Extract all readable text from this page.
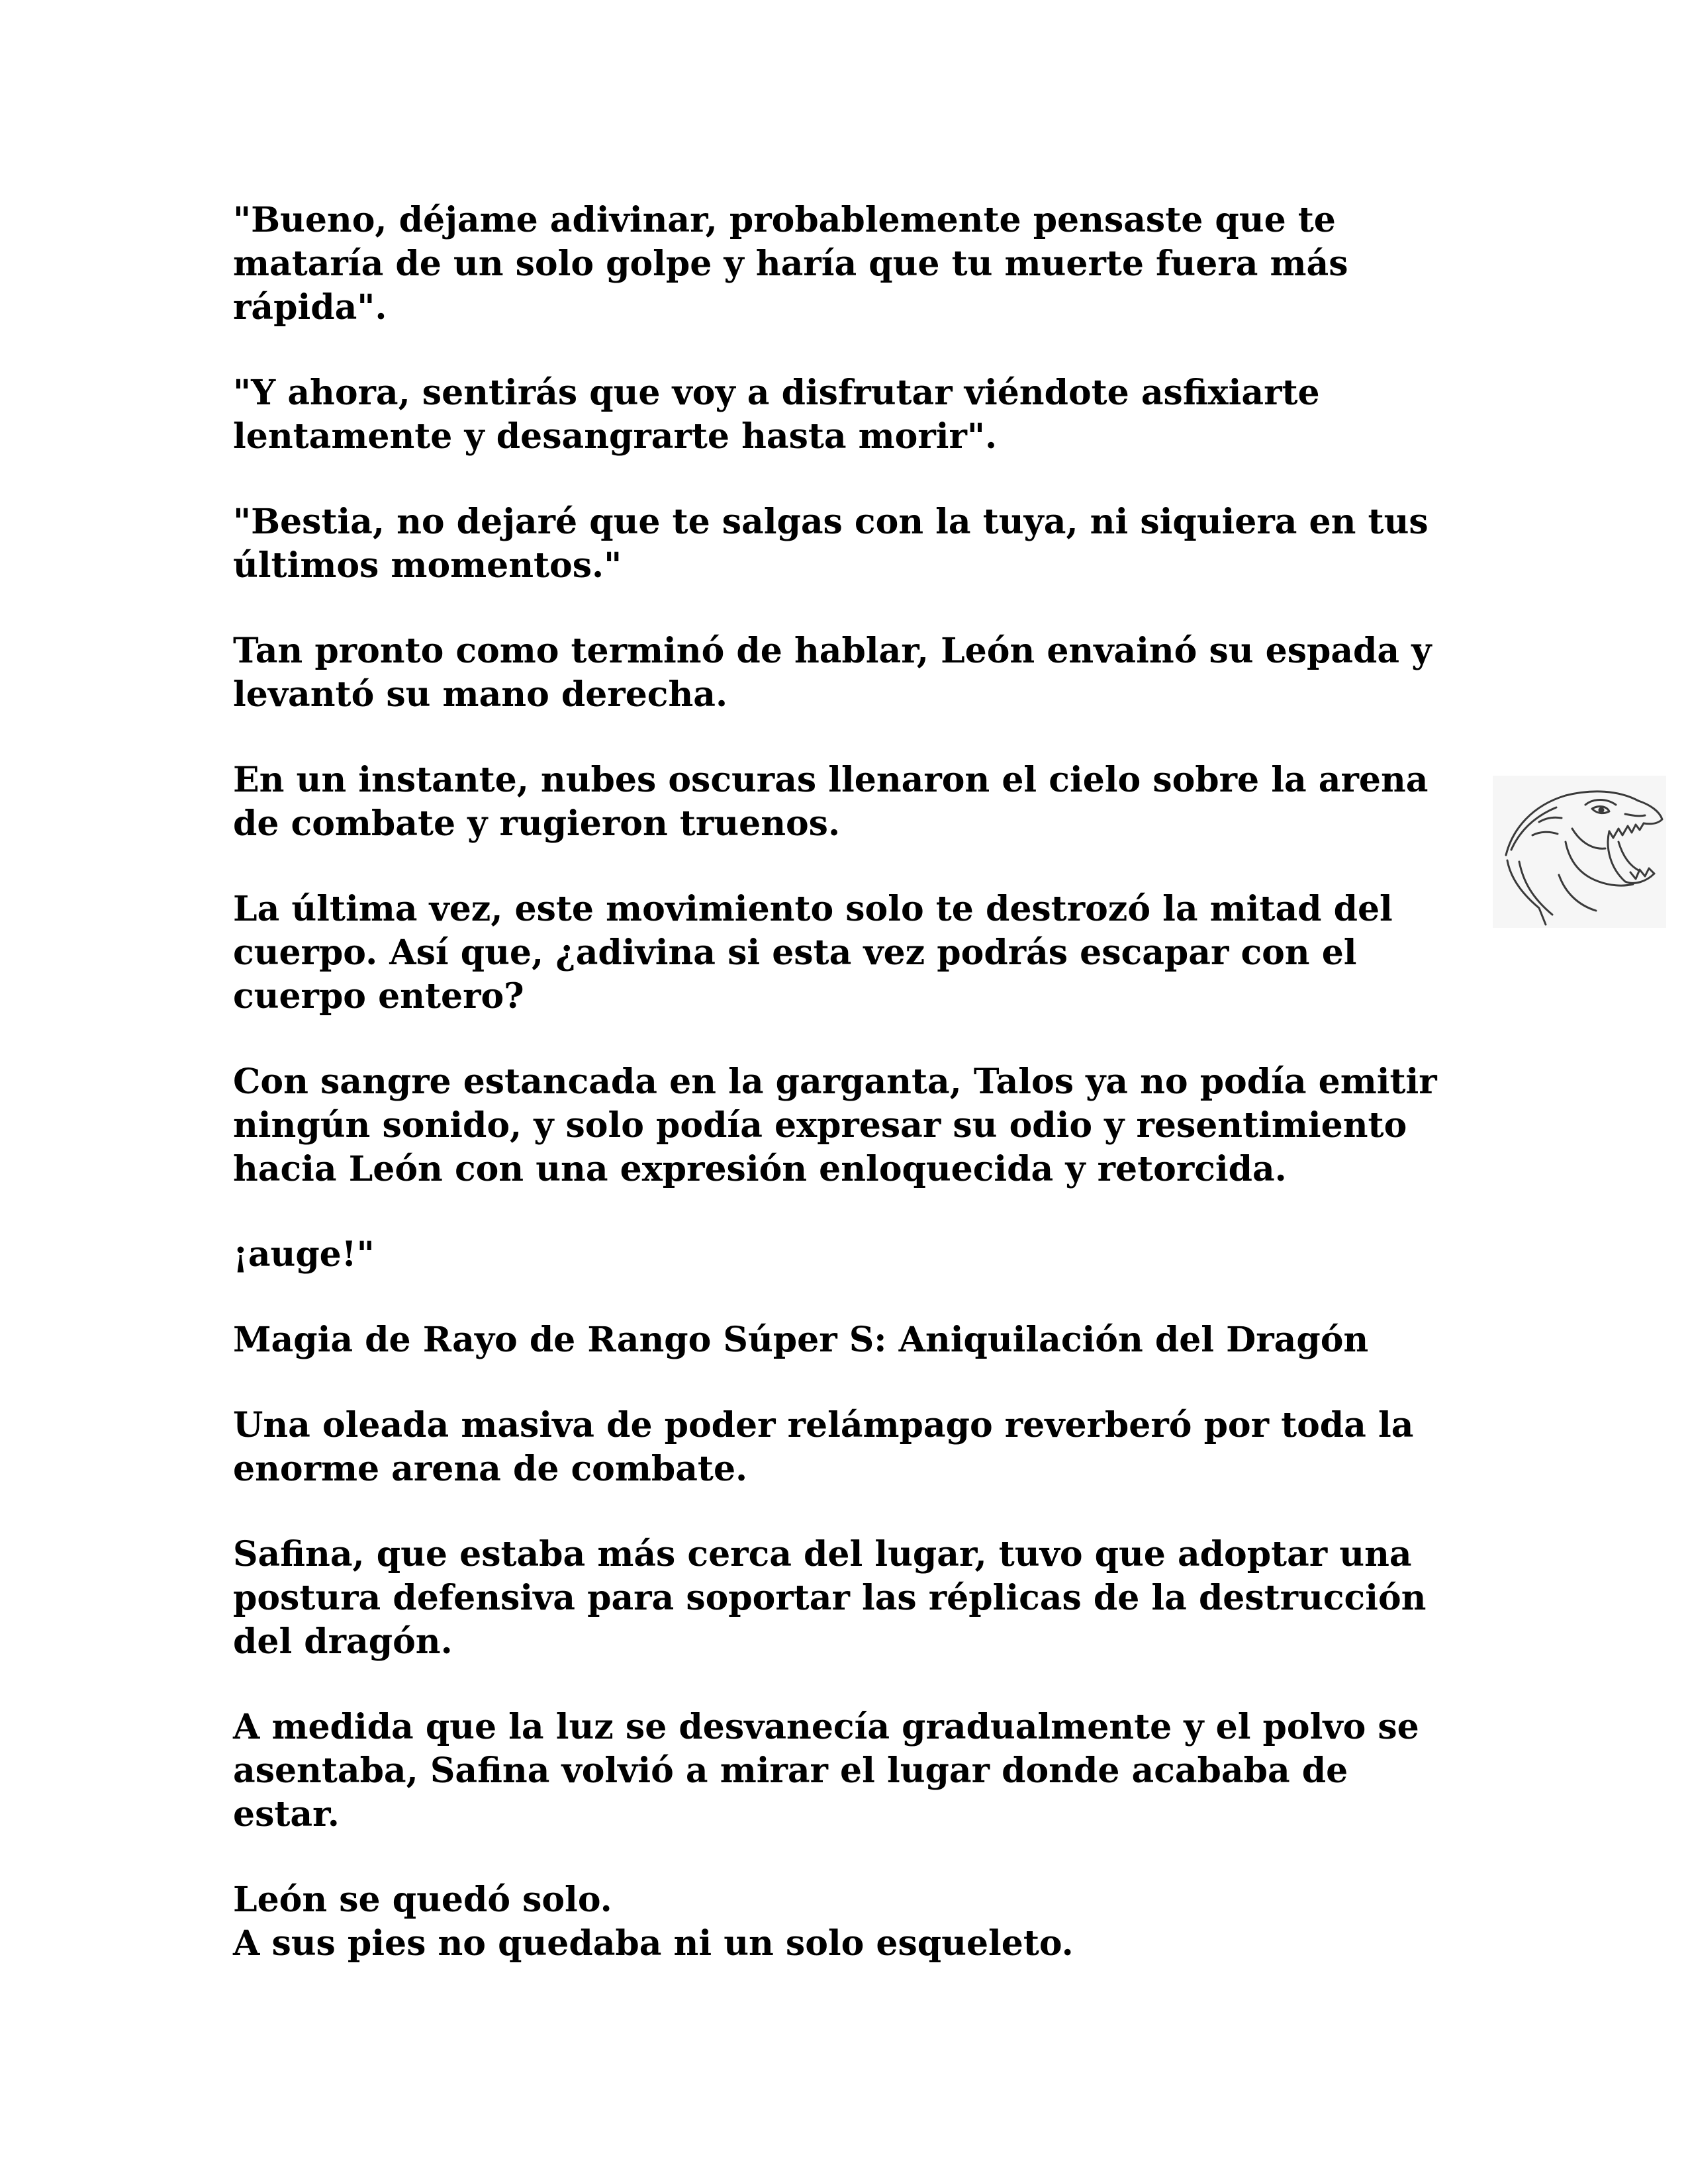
"Bueno, déjame adivinar, probablemente pensaste que te
mataría de un solo golpe y haría que tu muerte fuera más
rápida".

"Y ahora, sentirás que voy a disfrutar viéndote asfixiarte
lentamente y desangrarte hasta morir".

"Bestia, no dejaré que te salgas con la tuya, ni siquiera en tus
últimos momentos."

Tan pronto como terminó de hablar, León envainó su espada y
levantó su mano derecha.

En un instante, nubes oscuras llenaron el cielo sobre la arena
de combate y rugieron truenos.

La última vez, este movimiento solo te destrozó la mitad del
cuerpo. Así que, ¿adivina si esta vez podrás escapar con el
cuerpo entero?

Con sangre estancada en la garganta, Talos ya no podía emitir
ningún sonido, y solo podía expresar su odio y resentimiento
hacia León con una expresión enloquecida y retorcida.

¡auge!"

Magia de Rayo de Rango Súper S: Aniquilación del Dragón

Una oleada masiva de poder relámpago reverberó por toda la
enorme arena de combate.

Safina, que estaba más cerca del lugar, tuvo que adoptar una
postura defensiva para soportar las réplicas de la destrucción
del dragón.

A medida que la luz se desvanecía gradualmente y el polvo se
asentaba, Safina volvió a mirar el lugar donde acababa de
estar.

León se quedó solo.
A sus pies no quedaba ni un solo esqueleto.
